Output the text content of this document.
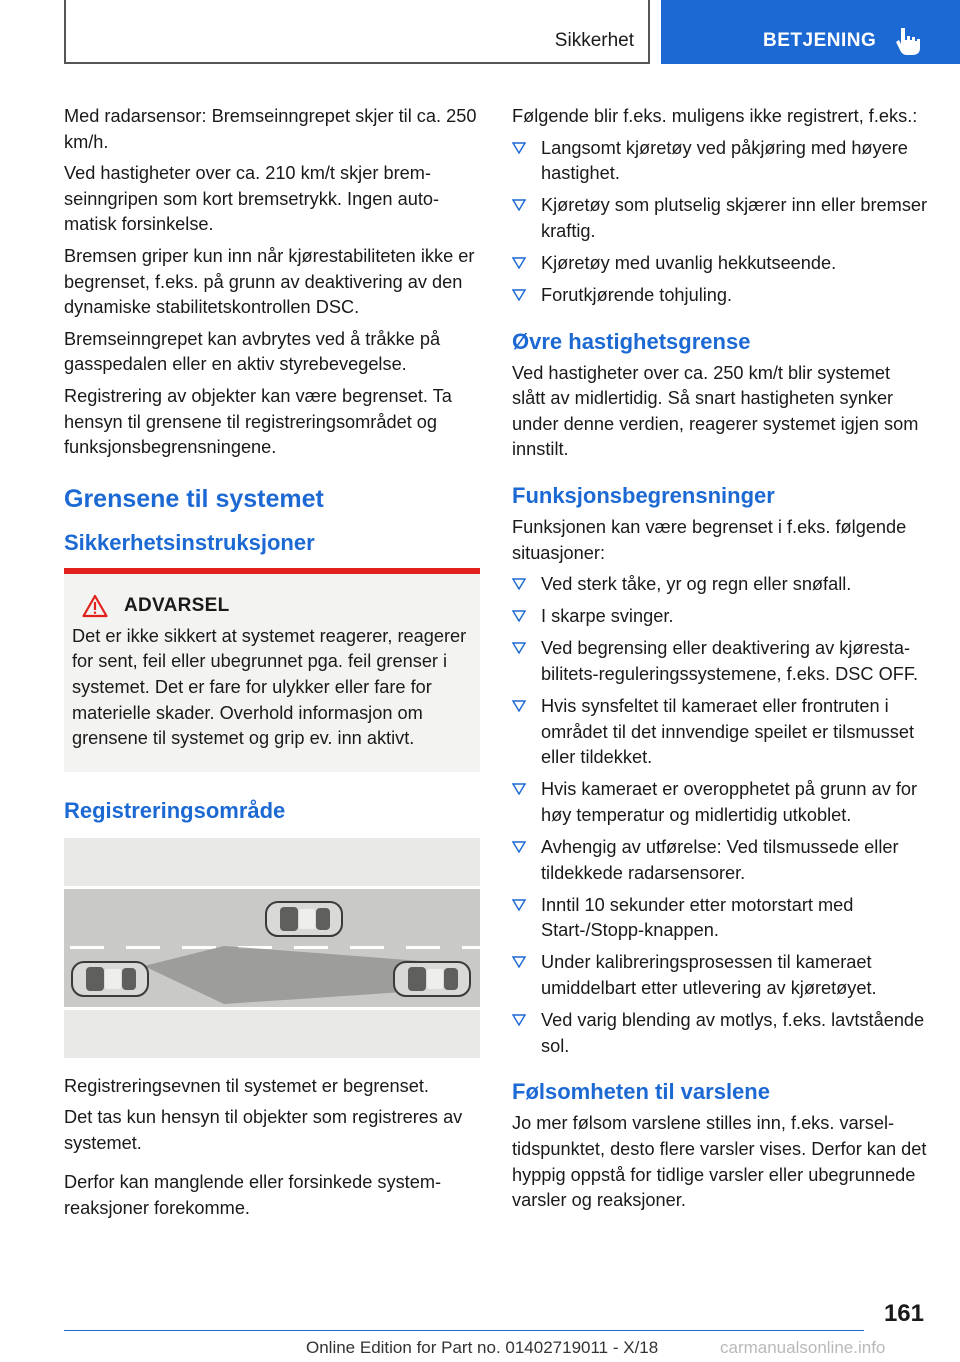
Sikkerhet	BETJENING

Med radarsensor: Bremseinngrepet skjer til ca. 250 km/h.

Ved hastigheter over ca. 210 km/t skjer bremseinngripen som kort bremsetrykk. Ingen automatisk forsinkelse.

Bremsen griper kun inn når kjørestabiliteten ikke er begrenset, f.eks. på grunn av deaktivering av den dynamiske stabilitetskontrollen DSC.

Bremseinngrepet kan avbrytes ved å tråkke på gasspedalen eller en aktiv styrebevegelse.

Registrering av objekter kan være begrenset. Ta hensyn til grensene til registreringsområdet og funksjonsbegrensningene.

Grensene til systemet
Sikkerhetsinstruksjoner
ADVARSEL

Det er ikke sikkert at systemet reagerer, reagerer for sent, feil eller ubegrunnet pga. feil grenser i systemet. Det er fare for ulykker eller fare for materielle skader. Overhold informasjon om grensene til systemet og grip ev. inn aktivt.

Registreringsområde

Registreringsevnen til systemet er begrenset.

Det tas kun hensyn til objekter som registreres av systemet.

Derfor kan manglende eller forsinkede systemreaksjoner forekomme.

Følgende blir f.eks. muligens ikke registrert, f.eks.:

Langsomt kjøretøy ved påkjøring med høyere hastighet.
Kjøretøy som plutselig skjærer inn eller bremser kraftig.
Kjøretøy med uvanlig hekkutseende.
Forutkjørende tohjuling.
Øvre hastighetsgrense

Ved hastigheter over ca. 250 km/t blir systemet slått av midlertidig. Så snart hastigheten synker under denne verdien, reagerer systemet igjen som innstilt.

Funksjonsbegrensninger

Funksjonen kan være begrenset i f.eks. følgende situasjoner:

Ved sterk tåke, yr og regn eller snøfall.
I skarpe svinger.
Ved begrensing eller deaktivering av kjørestabilitets-reguleringssystemene, f.eks. DSC OFF.
Hvis synsfeltet til kameraet eller frontruten i området til det innvendige speilet er tilsmusset eller tildekket.
Hvis kameraet er overopphetet på grunn av for høy temperatur og midlertidig utkoblet.
Avhengig av utførelse: Ved tilsmussede eller tildekkede radarsensorer.
Inntil 10 sekunder etter motorstart med Start-/Stopp-knappen.
Under kalibreringsprosessen til kameraet umiddelbart etter utlevering av kjøretøyet.
Ved varig blending av motlys, f.eks. lavtstående sol.
Følsomheten til varslene

Jo mer følsom varslene stilles inn, f.eks. varseltidspunktet, desto flere varsler vises. Derfor kan det hyppig oppstå for tidlige varsler eller ubegrunnede varsler og reaksjoner.

161
Online Edition for Part no. 01402719011 - X/18	carmanualsonline.info
